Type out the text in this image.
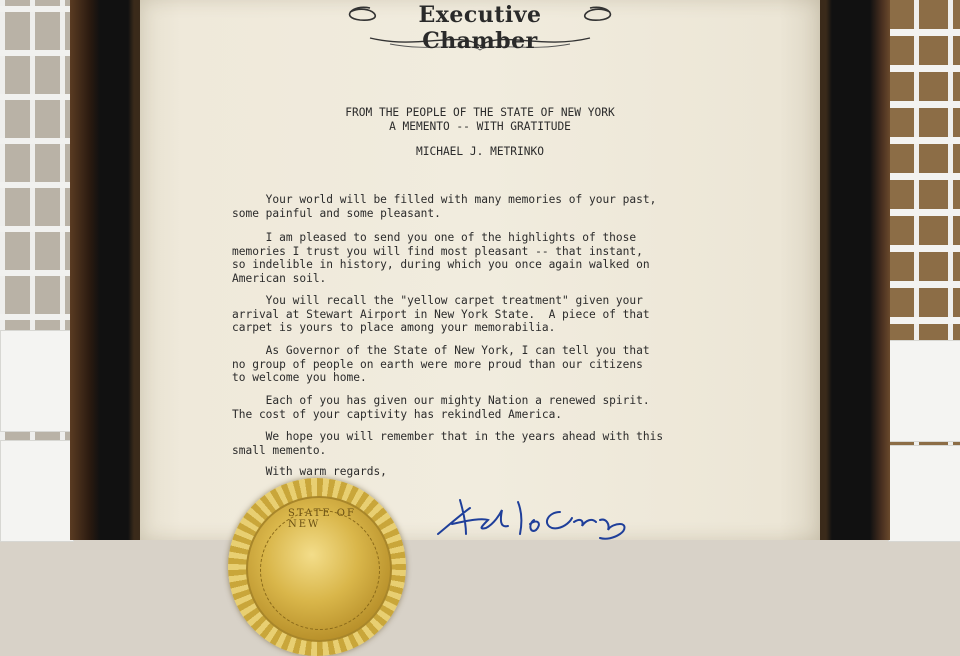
Executive Chamber
FROM THE PEOPLE OF THE STATE OF NEW YORK
A MEMENTO -- WITH GRATITUDE
MICHAEL J. METRINKO
Your world will be filled with many memories of your past,
some painful and some pleasant.
I am pleased to send you one of the highlights of those
memories I trust you will find most pleasant -- that instant,
so indelible in history, during which you once again walked on
American soil.
You will recall the "yellow carpet treatment" given your
arrival at Stewart Airport in New York State.  A piece of that
carpet is yours to place among your memorabilia.
As Governor of the State of New York, I can tell you that
no group of people on earth were more proud than our citizens
to welcome you home.
Each of you has given our mighty Nation a renewed spirit.
The cost of your captivity has rekindled America.
We hope you will remember that in the years ahead with this
small memento.
With warm regards,
STATE OF NEW
